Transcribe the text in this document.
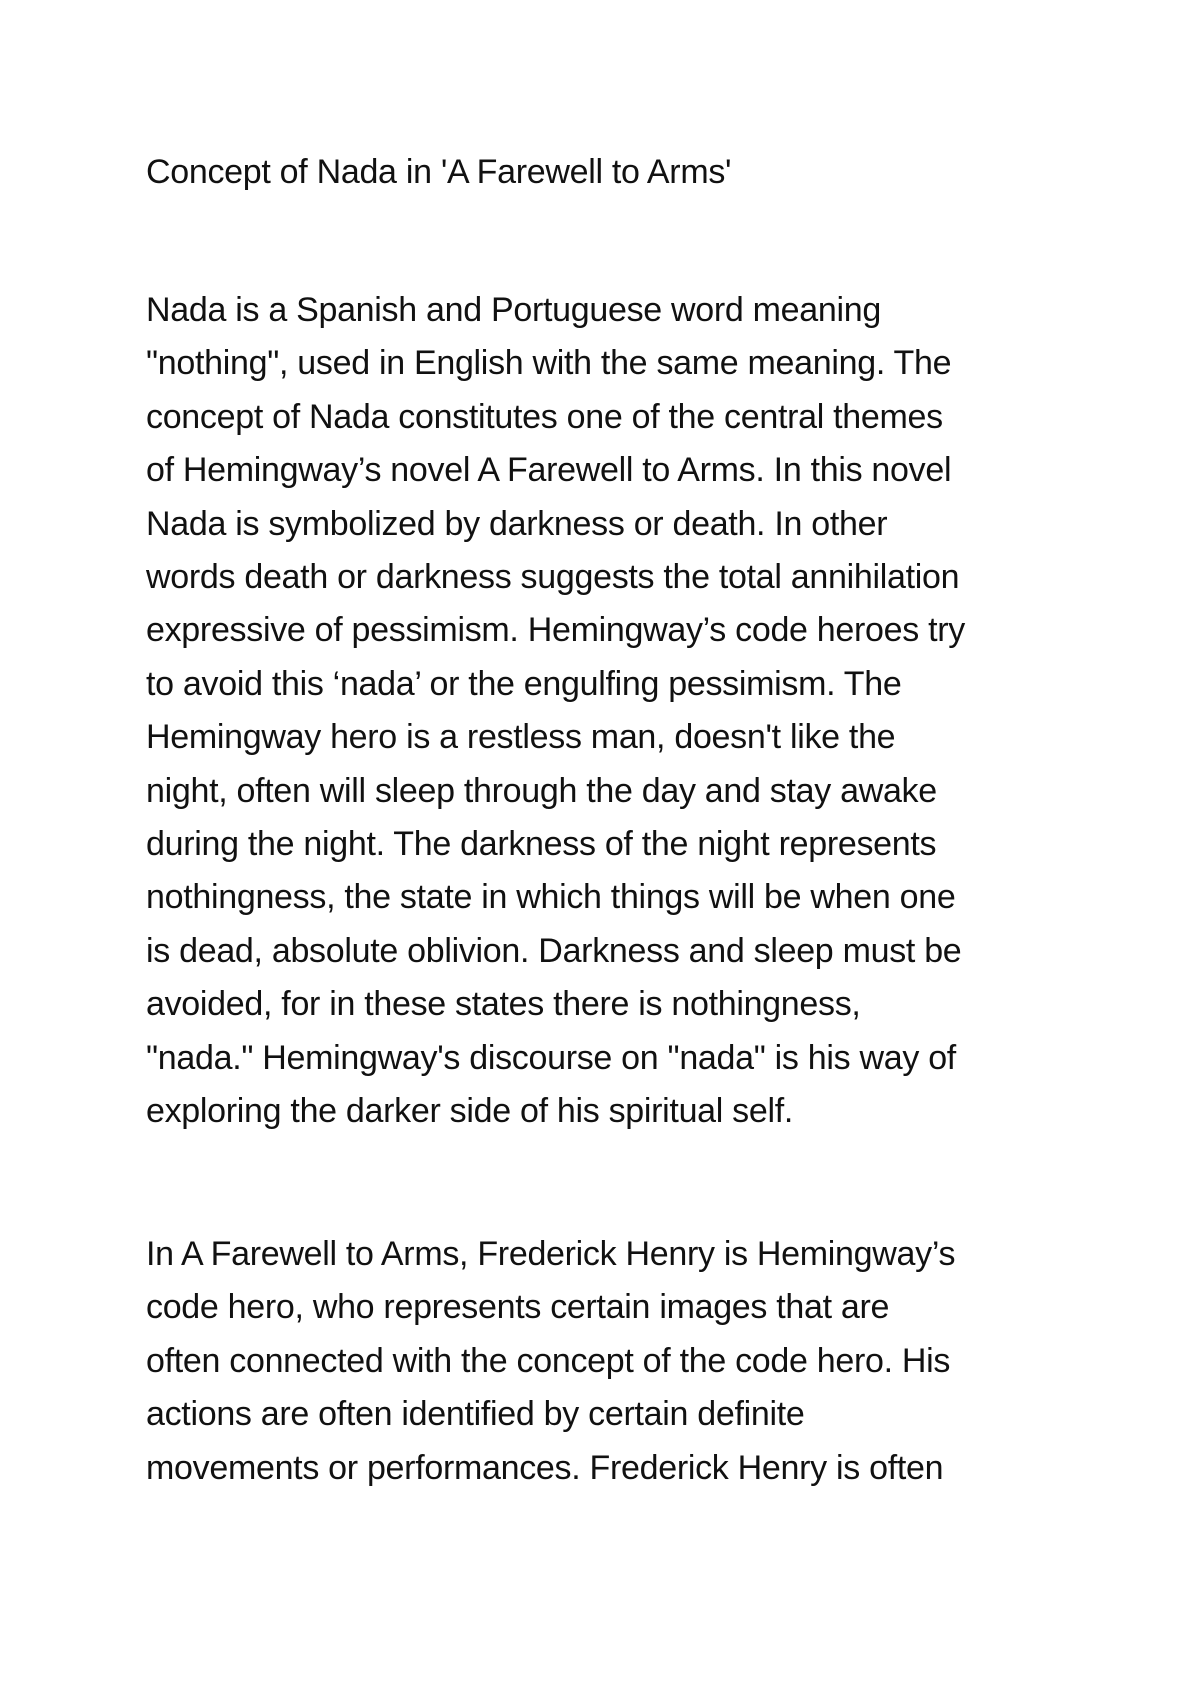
Concept of Nada in 'A Farewell to Arms'

Nada is a Spanish and Portuguese word meaning
"nothing", used in English with the same meaning. The
concept of Nada constitutes one of the central themes
of Hemingway’s novel A Farewell to Arms. In this novel
Nada is symbolized by darkness or death. In other
words death or darkness suggests the total annihilation
expressive of pessimism. Hemingway’s code heroes try
to avoid this ‘nada’ or the engulfing pessimism. The
Hemingway hero is a restless man, doesn't like the
night, often will sleep through the day and stay awake
during the night. The darkness of the night represents
nothingness, the state in which things will be when one
is dead, absolute oblivion. Darkness and sleep must be
avoided, for in these states there is nothingness,
"nada." Hemingway's discourse on "nada" is his way of
exploring the darker side of his spiritual self.

In A Farewell to Arms, Frederick Henry is Hemingway’s
code hero, who represents certain images that are
often connected with the concept of the code hero. His
actions are often identified by certain definite
movements or performances. Frederick Henry is often
